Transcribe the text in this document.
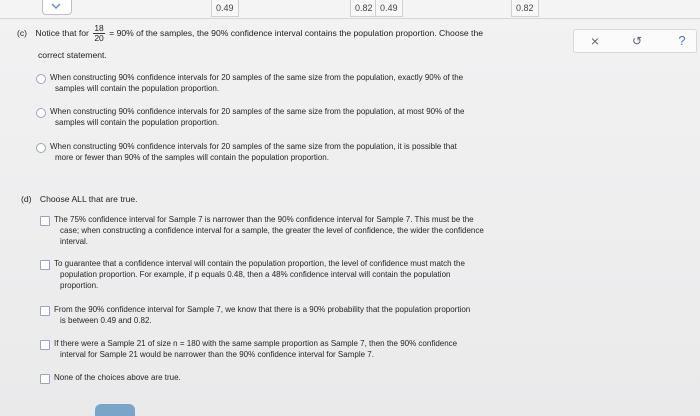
0.49	0.82 0.49	0.82
×	↺	?
(c) Notice that for $\frac{18}{20} = 90\%$ of the samples, the 90% confidence interval contains the population proportion. Choose the
correct statement.
When constructing 90% confidence intervals for 20 samples of the same size from the population, exactly 90% of the
samples will contain the population proportion.
When constructing 90% confidence intervals for 20 samples of the same size from the population, at most 90% of the
samples will contain the population proportion.
When constructing 90% confidence intervals for 20 samples of the same size from the population, it is possible that
more or fewer than 90% of the samples will contain the population proportion.
(d) Choose ALL that are true.
The 75% confidence interval for Sample 7 is narrower than the 90% confidence interval for Sample 7. This must be the
case; when constructing a confidence interval for a sample, the greater the level of confidence, the wider the confidence
interval.
To guarantee that a confidence interval will contain the population proportion, the level of confidence must match the
population proportion. For example, if p equals 0.48, then a 48% confidence interval will contain the population
proportion.
From the 90% confidence interval for Sample 7, we know that there is a 90% probability that the population proportion
is between 0.49 and 0.82.
If there were a Sample 21 of size n = 180 with the same sample proportion as Sample 7, then the 90% confidence
interval for Sample 21 would be narrower than the 90% confidence interval for Sample 7.
None of the choices above are true.
